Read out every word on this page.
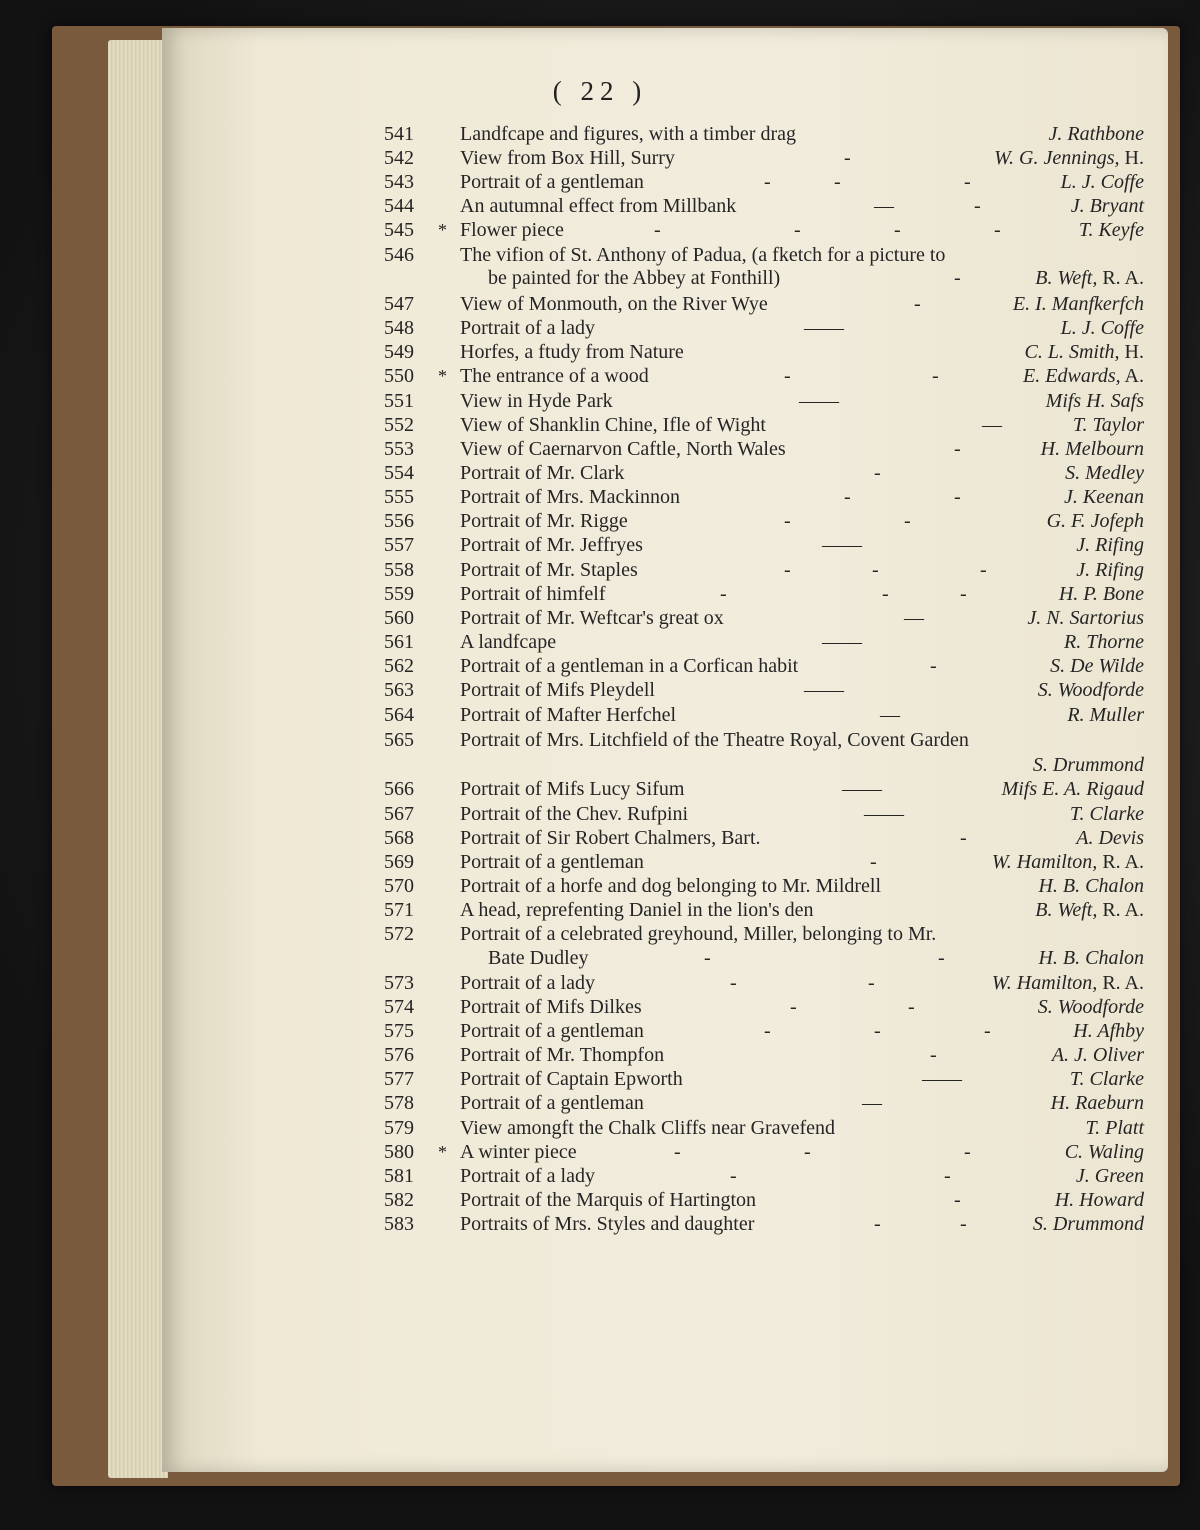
( 22 )
541	Landfcape and figures, with a timber drag	J. Rathbone
542	View from Box Hill, Surry	-	W. G. Jennings, H.
543	Portrait of a gentleman	-	-	-	L. J. Coffe
544	An autumnal effect from Millbank	—	-	J. Bryant
545	* Flower piece	-	-	-	-	T. Keyfe
546	The vifion of St. Anthony of Padua, (a fketch for a picture to
be painted for the Abbey at Fonthill)	-	B. Weft, R. A.
547	View of Monmouth, on the River Wye	-	E. I. Manfkerfch
548	Portrait of a lady	——	L. J. Coffe
549	Horfes, a ftudy from Nature	C. L. Smith, H.
550	* The entrance of a wood	-	-	E. Edwards, A.
551	View in Hyde Park	——	Mifs H. Safs
552	View of Shanklin Chine, Ifle of Wight	—	T. Taylor
553	View of Caernarvon Caftle, North Wales	-	H. Melbourn
554	Portrait of Mr. Clark	-	S. Medley
555	Portrait of Mrs. Mackinnon	-	-	J. Keenan
556	Portrait of Mr. Rigge	-	-	G. F. Jofeph
557	Portrait of Mr. Jeffryes	——	J. Rifing
558	Portrait of Mr. Staples	-	-	-	J. Rifing
559	Portrait of himfelf	-	-	-	H. P. Bone
560	Portrait of Mr. Weftcar's great ox	—	J. N. Sartorius
561	A landfcape	——	R. Thorne
562	Portrait of a gentleman in a Corfican habit	-	S. De Wilde
563	Portrait of Mifs Pleydell	——	S. Woodforde
564	Portrait of Mafter Herfchel	—	R. Muller
565	Portrait of Mrs. Litchfield of the Theatre Royal, Covent Garden
S. Drummond
566	Portrait of Mifs Lucy Sifum	——	Mifs E. A. Rigaud
567	Portrait of the Chev. Rufpini	——	T. Clarke
568	Portrait of Sir Robert Chalmers, Bart.	-	A. Devis
569	Portrait of a gentleman	-	W. Hamilton, R. A.
570	Portrait of a horfe and dog belonging to Mr. Mildrell	H. B. Chalon
571	A head, reprefenting Daniel in the lion's den	B. Weft, R. A.
572	Portrait of a celebrated greyhound, Miller, belonging to Mr.
Bate Dudley	-	-	H. B. Chalon
573	Portrait of a lady	-	-	W. Hamilton, R. A.
574	Portrait of Mifs Dilkes	-	-	S. Woodforde
575	Portrait of a gentleman	-	-	-	H. Afhby
576	Portrait of Mr. Thompfon	-	A. J. Oliver
577	Portrait of Captain Epworth	——	T. Clarke
578	Portrait of a gentleman	—	H. Raeburn
579	View amongft the Chalk Cliffs near Gravefend	T. Platt
580	* A winter piece	-	-	-	C. Waling
581	Portrait of a lady	-	-	J. Green
582	Portrait of the Marquis of Hartington	-	H. Howard
583	Portraits of Mrs. Styles and daughter	-	-	S. Drummond
